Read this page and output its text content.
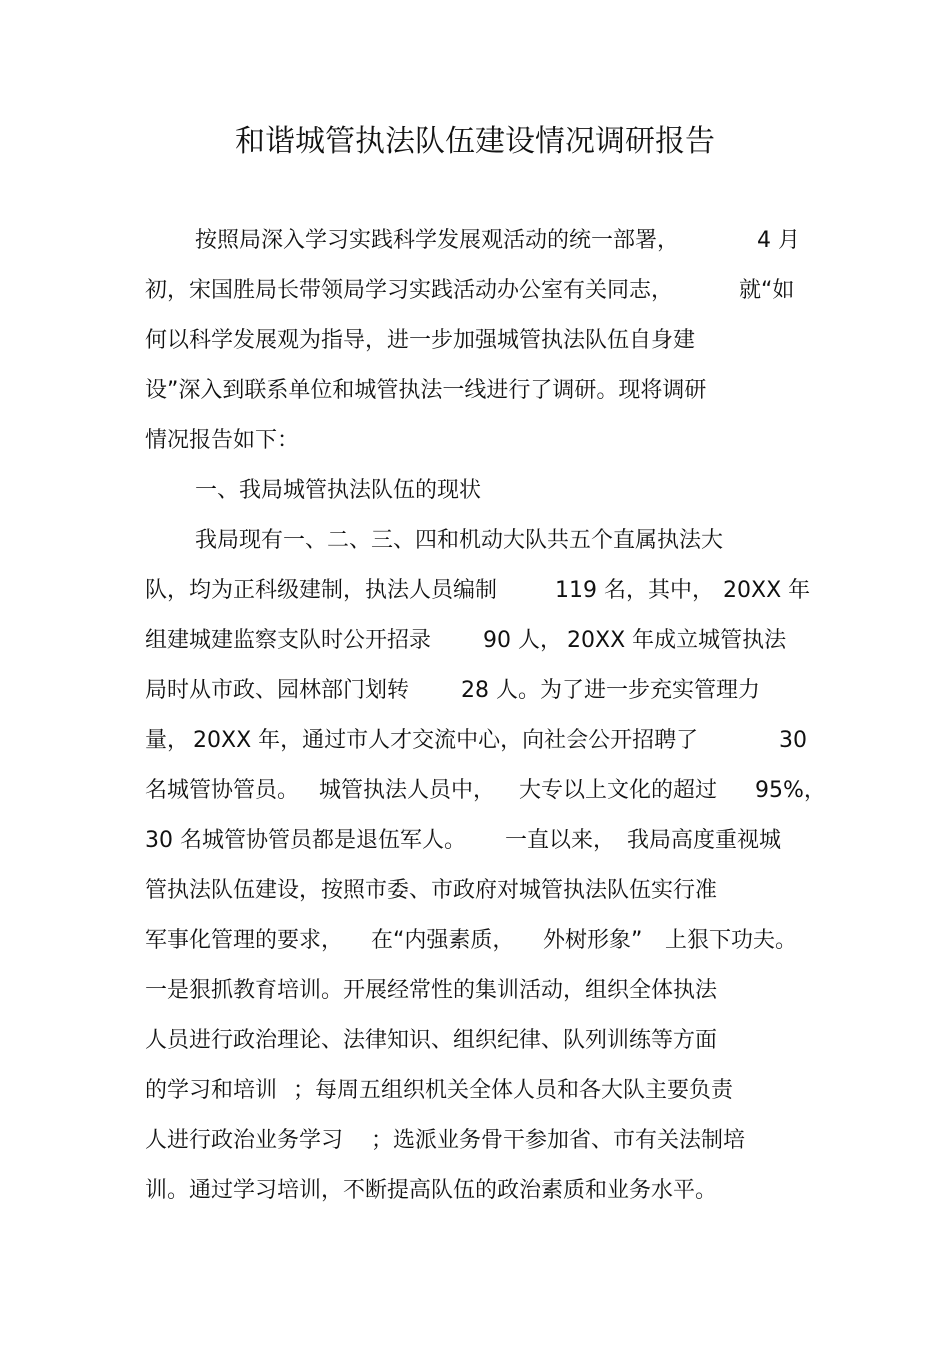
和谐城管执法队伍建设情况调研报告
按照局深入学习实践科学发展观活动的统一部署，	4 月
初，宋国胜局长带领局学习实践活动办公室有关同志，	就“如
何以科学发展观为指导，进一步加强城管执法队伍自身建
设”深入到联系单位和城管执法一线进行了调研。现将调研
情况报告如下：
一、我局城管执法队伍的现状
我局现有一、二、三、四和机动大队共五个直属执法大
队，均为正科级建制，执法人员编制	119 名，其中， 20XX 年
组建城建监察支队时公开招录 90 人， 20XX 年成立城管执法
局时从市政、园林部门划转 28 人。为了进一步充实管理力
量， 20XX 年，通过市人才交流中心，向社会公开招聘了	30
名城管协管员。 城管执法人员中， 大专以上文化的超过 95%，
30 名城管协管员都是退伍军人。 一直以来， 我局高度重视城
管执法队伍建设，按照市委、市政府对城管执法队伍实行准
军事化管理的要求， 在“内强素质， 外树形象” 上狠下功夫。
一是狠抓教育培训。开展经常性的集训活动，组织全体执法
人员进行政治理论、法律知识、组织纪律、队列训练等方面
的学习和培训 ；每周五组织机关全体人员和各大队主要负责
人进行政治业务学习 ；选派业务骨干参加省、市有关法制培
训。通过学习培训，不断提高队伍的政治素质和业务水平。
